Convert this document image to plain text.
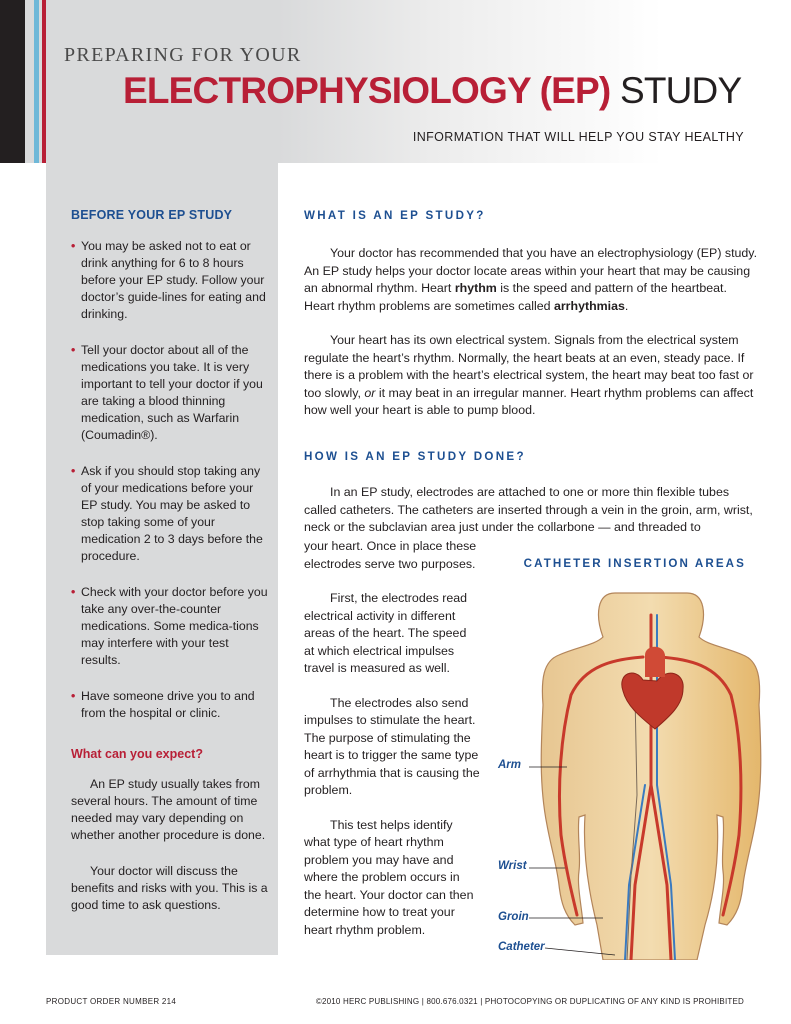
PREPARING FOR YOUR
ELECTROPHYSIOLOGY (EP) STUDY
INFORMATION THAT WILL HELP YOU STAY HEALTHY
BEFORE YOUR EP STUDY
• You may be asked not to eat or drink anything for 6 to 8 hours before your EP study. Follow your doctor’s guide-lines for eating and drinking.
• Tell your doctor about all of the medications you take. It is very important to tell your doctor if you are taking a blood thinning medication, such as Warfarin (Coumadin®).
• Ask if you should stop taking any of your medications before your EP study. You may be asked to stop taking some of your medication 2 to 3 days before the procedure.
• Check with your doctor before you take any over-the-counter medications. Some medica-tions may interfere with your test results.
• Have someone drive you to and from the hospital or clinic.
What can you expect?

An EP study usually takes from several hours. The amount of time needed may vary depending on whether another procedure is done.

Your doctor will discuss the benefits and risks with you. This is a good time to ask questions.

WHAT IS AN EP STUDY?

Your doctor has recommended that you have an electrophysiology (EP) study. An EP study helps your doctor locate areas within your heart that may be causing an abnormal rhythm. Heart rhythm is the speed and pattern of the heartbeat. Heart rhythm problems are sometimes called arrhythmias.

Your heart has its own electrical system. Signals from the electrical system regulate the heart’s rhythm. Normally, the heart beats at an even, steady pace. If there is a problem with the heart’s electrical system, the heart may beat too fast or too slowly, or it may beat in an irregular manner. Heart rhythm problems can affect how well your heart is able to pump blood.

HOW IS AN EP STUDY DONE?

In an EP study, electrodes are attached to one or more thin flexible tubes called catheters. The catheters are inserted through a vein in the groin, arm, wrist, neck or the subclavian area just under the collarbone — and threaded to

your heart. Once in place these electrodes serve two purposes.

First, the electrodes read electrical activity in different areas of the heart. The speed at which electrical impulses travel is measured as well.

The electrodes also send impulses to stimulate the heart. The purpose of stimulating the heart is to trigger the same type of arrhythmia that is causing the problem.

This test helps identify what type of heart rhythm problem you may have and where the problem occurs in the heart. Your doctor can then determine how to treat your heart rhythm problem.

CATHETER INSERTION AREAS
Arm
Wrist
Groin
Catheter
PRODUCT ORDER NUMBER 214	©2010 HERC PUBLISHING | 800.676.0321 | PHOTOCOPYING OR DUPLICATING OF ANY KIND IS PROHIBITED
